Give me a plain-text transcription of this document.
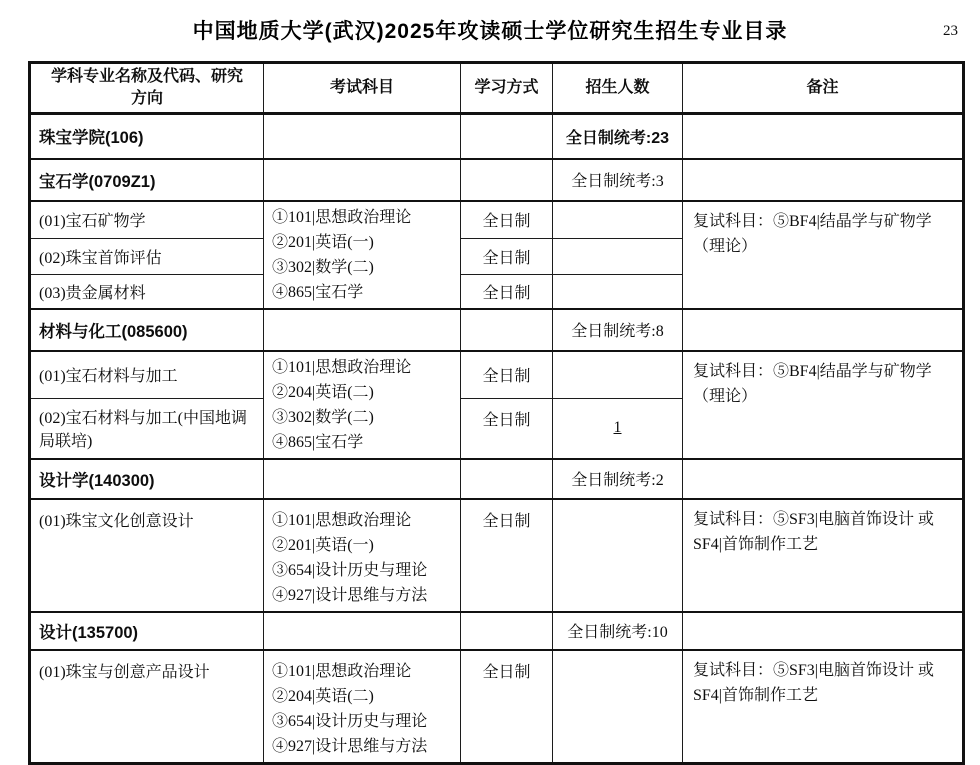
中国地质大学(武汉)2025年攻读硕士学位研究生招生专业目录	23
学科专业名称及代码、研究
方向	考试科目	学习方式	招生人数	备注
珠宝学院(106)			全日制统考:23	
宝石学(0709Z1)			全日制统考:3	
(01)宝石矿物学	①101|思想政治理论
②201|英语(一)
③302|数学(二)
④865|宝石学	全日制		复试科目：⑤BF4|结晶学与矿物学（理论）
(02)珠宝首饰评估		全日制		
(03)贵金属材料		全日制		
材料与化工(085600)			全日制统考:8	
(01)宝石材料与加工	①101|思想政治理论
②204|英语(二)
③302|数学(二)
④865|宝石学	全日制		复试科目：⑤BF4|结晶学与矿物学（理论）
(02)宝石材料与加工(中国地调局联培)		全日制	1	
设计学(140300)			全日制统考:2	
(01)珠宝文化创意设计	①101|思想政治理论
②201|英语(一)
③654|设计历史与理论
④927|设计思维与方法	全日制		复试科目：⑤SF3|电脑首饰设计 或SF4|首饰制作工艺
设计(135700)			全日制统考:10	
(01)珠宝与创意产品设计	①101|思想政治理论
②204|英语(二)
③654|设计历史与理论
④927|设计思维与方法	全日制		复试科目：⑤SF3|电脑首饰设计 或SF4|首饰制作工艺
